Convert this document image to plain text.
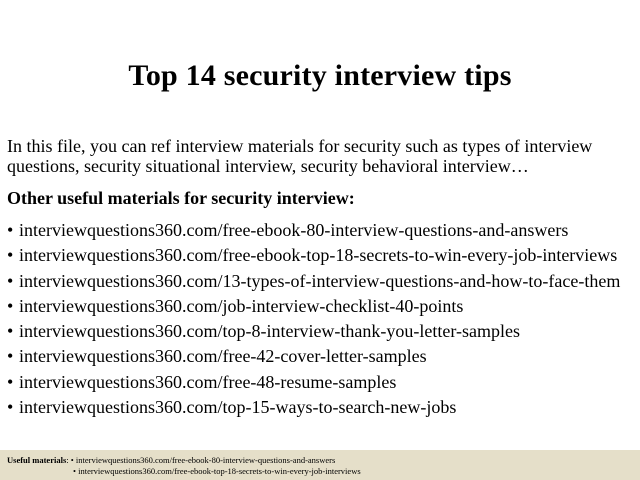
Top 14 security interview tips
In this file, you can ref interview materials for security such as types of interview questions, security situational interview, security behavioral interview…
Other useful materials for security interview:
• interviewquestions360.com/free-ebook-80-interview-questions-and-answers
• interviewquestions360.com/free-ebook-top-18-secrets-to-win-every-job-interviews
• interviewquestions360.com/13-types-of-interview-questions-and-how-to-face-them
• interviewquestions360.com/job-interview-checklist-40-points
• interviewquestions360.com/top-8-interview-thank-you-letter-samples
• interviewquestions360.com/free-42-cover-letter-samples
• interviewquestions360.com/free-48-resume-samples
• interviewquestions360.com/top-15-ways-to-search-new-jobs
Useful materials: • interviewquestions360.com/free-ebook-80-interview-questions-and-answers
• interviewquestions360.com/free-ebook-top-18-secrets-to-win-every-job-interviews
